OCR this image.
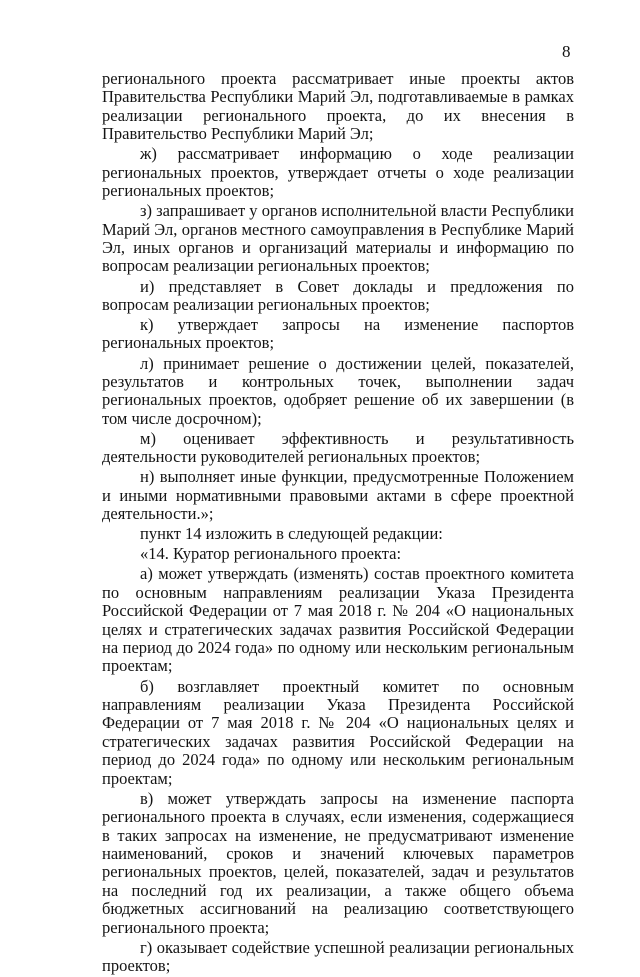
8

регионального проекта рассматривает иные проекты актов Правительства Республики Марий Эл, подготавливаемые в рамках реализации регионального проекта, до их внесения в Правительство Республики Марий Эл;

ж) рассматривает информацию о ходе реализации региональных проектов, утверждает отчеты о ходе реализации региональных проектов;

з) запрашивает у органов исполнительной власти Республики Марий Эл, органов местного самоуправления в Республике Марий Эл, иных органов и организаций материалы и информацию по вопросам реализации региональных проектов;

и) представляет в Совет доклады и предложения по вопросам реализации региональных проектов;

к) утверждает запросы на изменение паспортов региональных проектов;

л) принимает решение о достижении целей, показателей, результатов и контрольных точек, выполнении задач региональных проектов, одобряет решение об их завершении (в том числе досрочном);

м) оценивает эффективность и результативность деятельности руководителей региональных проектов;

н) выполняет иные функции, предусмотренные Положением и иными нормативными правовыми актами в сфере проектной деятельности.»;

пункт 14 изложить в следующей редакции:

«14. Куратор регионального проекта:

а) может утверждать (изменять) состав проектного комитета по основным направлениям реализации Указа Президента Российской Федерации от 7 мая 2018 г. № 204 «О национальных целях и стратегических задачах развития Российской Федерации на период до 2024 года» по одному или нескольким региональным проектам;

б) возглавляет проектный комитет по основным направлениям реализации Указа Президента Российской Федерации от 7 мая 2018 г. № 204 «О национальных целях и стратегических задачах развития Российской Федерации на период до 2024 года» по одному или нескольким региональным проектам;

в) может утверждать запросы на изменение паспорта регионального проекта в случаях, если изменения, содержащиеся в таких запросах на изменение, не предусматривают изменение наименований, сроков и значений ключевых параметров региональных проектов, целей, показателей, задач и результатов на последний год их реализации, а также общего объема бюджетных ассигнований на реализацию соответствующего регионального проекта;

г) оказывает содействие успешной реализации региональных проектов;
